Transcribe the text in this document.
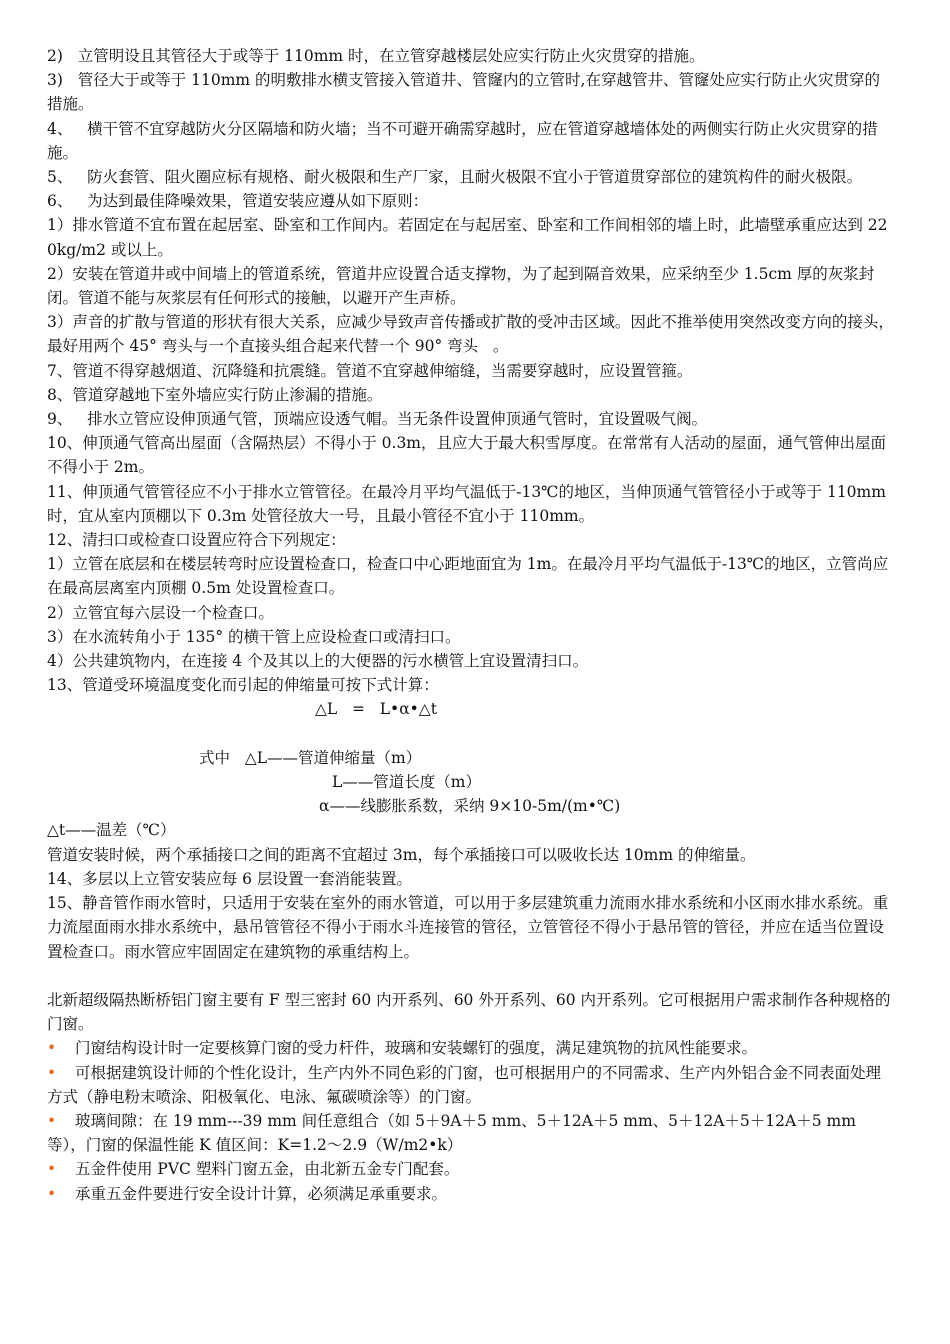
2)   立管明设且其管径大于或等于 110mm 时，在立管穿越楼层处应实行防止火灾贯穿的措施。

3)   管径大于或等于 110mm 的明敷排水横支管接入管道井、管窿内的立管时,在穿越管井、管窿处应实行防止火灾贯穿的措施。

4、   横干管不宜穿越防火分区隔墙和防火墙；当不可避开确需穿越时，应在管道穿越墙体处的两侧实行防止火灾贯穿的措施。

5、   防火套管、阻火圈应标有规格、耐火极限和生产厂家，且耐火极限不宜小于管道贯穿部位的建筑构件的耐火极限。

6、   为达到最佳降噪效果，管道安装应遵从如下原则：

1）排水管道不宜布置在起居室、卧室和工作间内。若固定在与起居室、卧室和工作间相邻的墙上时，此墙壁承重应达到 220kg/m2 或以上。

2）安装在管道井或中间墙上的管道系统，管道井应设置合适支撑物，为了起到隔音效果，应采纳至少 1.5cm 厚的灰浆封闭。管道不能与灰浆层有任何形式的接触，以避开产生声桥。

3）声音的扩散与管道的形状有很大关系，应减少导致声音传播或扩散的受冲击区域。因此不推举使用突然改变方向的接头，最好用两个 45° 弯头与一个直接头组合起来代替一个 90° 弯头   。

7、管道不得穿越烟道、沉降缝和抗震缝。管道不宜穿越伸缩缝，当需要穿越时，应设置管箍。

8、管道穿越地下室外墙应实行防止渗漏的措施。

9、   排水立管应设伸顶通气管，顶端应设透气帽。当无条件设置伸顶通气管时，宜设置吸气阀。

10、伸顶通气管高出屋面（含隔热层）不得小于 0.3m，且应大于最大积雪厚度。在常常有人活动的屋面，通气管伸出屋面不得小于 2m。

11、伸顶通气管管径应不小于排水立管管径。在最冷月平均气温低于-13℃的地区，当伸顶通气管管径小于或等于 110mm 时，宜从室内顶棚以下 0.3m 处管径放大一号，且最小管径不宜小于 110mm。

12、清扫口或检查口设置应符合下列规定：

1）立管在底层和在楼层转弯时应设置检查口，检查口中心距地面宜为 1m。在最冷月平均气温低于-13℃的地区，立管尚应在最高层离室内顶棚 0.5m 处设置检查口。

2）立管宜每六层设一个检查口。

3）在水流转角小于 135° 的横干管上应设检查口或清扫口。

4）公共建筑物内，在连接 4 个及其以上的大便器的污水横管上宜设置清扫口。

13、管道受环境温度变化而引起的伸缩量可按下式计算：

△L   =   L•α•△t

式中   △L——管道伸缩量（m）

L——管道长度（m）

α——线膨胀系数，采纳 9×10-5m/(m•℃)

△t——温差（℃）

管道安装时候，两个承插接口之间的距离不宜超过 3m，每个承插接口可以吸收长达 10mm 的伸缩量。

14、多层以上立管安装应每 6 层设置一套消能装置。

15、静音管作雨水管时，只适用于安装在室外的雨水管道，可以用于多层建筑重力流雨水排水系统和小区雨水排水系统。重力流屋面雨水排水系统中，悬吊管管径不得小于雨水斗连接管的管径，立管管径不得小于悬吊管的管径，并应在适当位置设置检查口。雨水管应牢固固定在建筑物的承重结构上。

北新超级隔热断桥铝门窗主要有 F 型三密封 60 内开系列、60 外开系列、60 内开系列。它可根据用户需求制作各种规格的门窗。

• 门窗结构设计时一定要核算门窗的受力杆件，玻璃和安装螺钉的强度，满足建筑物的抗风性能要求。

• 可根据建筑设计师的个性化设计，生产内外不同色彩的门窗，也可根据用户的不同需求、生产内外铝合金不同表面处理方式（静电粉末喷涂、阳极氧化、电泳、氟碳喷涂等）的门窗。

• 玻璃间隙：在 19 mm---39 mm 间任意组合（如 5＋9A＋5 mm、5＋12A＋5 mm、5＋12A＋5＋12A＋5 mm 等），门窗的保温性能 K 值区间：K=1.2～2.9（W/m2•k）

• 五金件使用 PVC 塑料门窗五金，由北新五金专门配套。

• 承重五金件要进行安全设计计算，必须满足承重要求。
